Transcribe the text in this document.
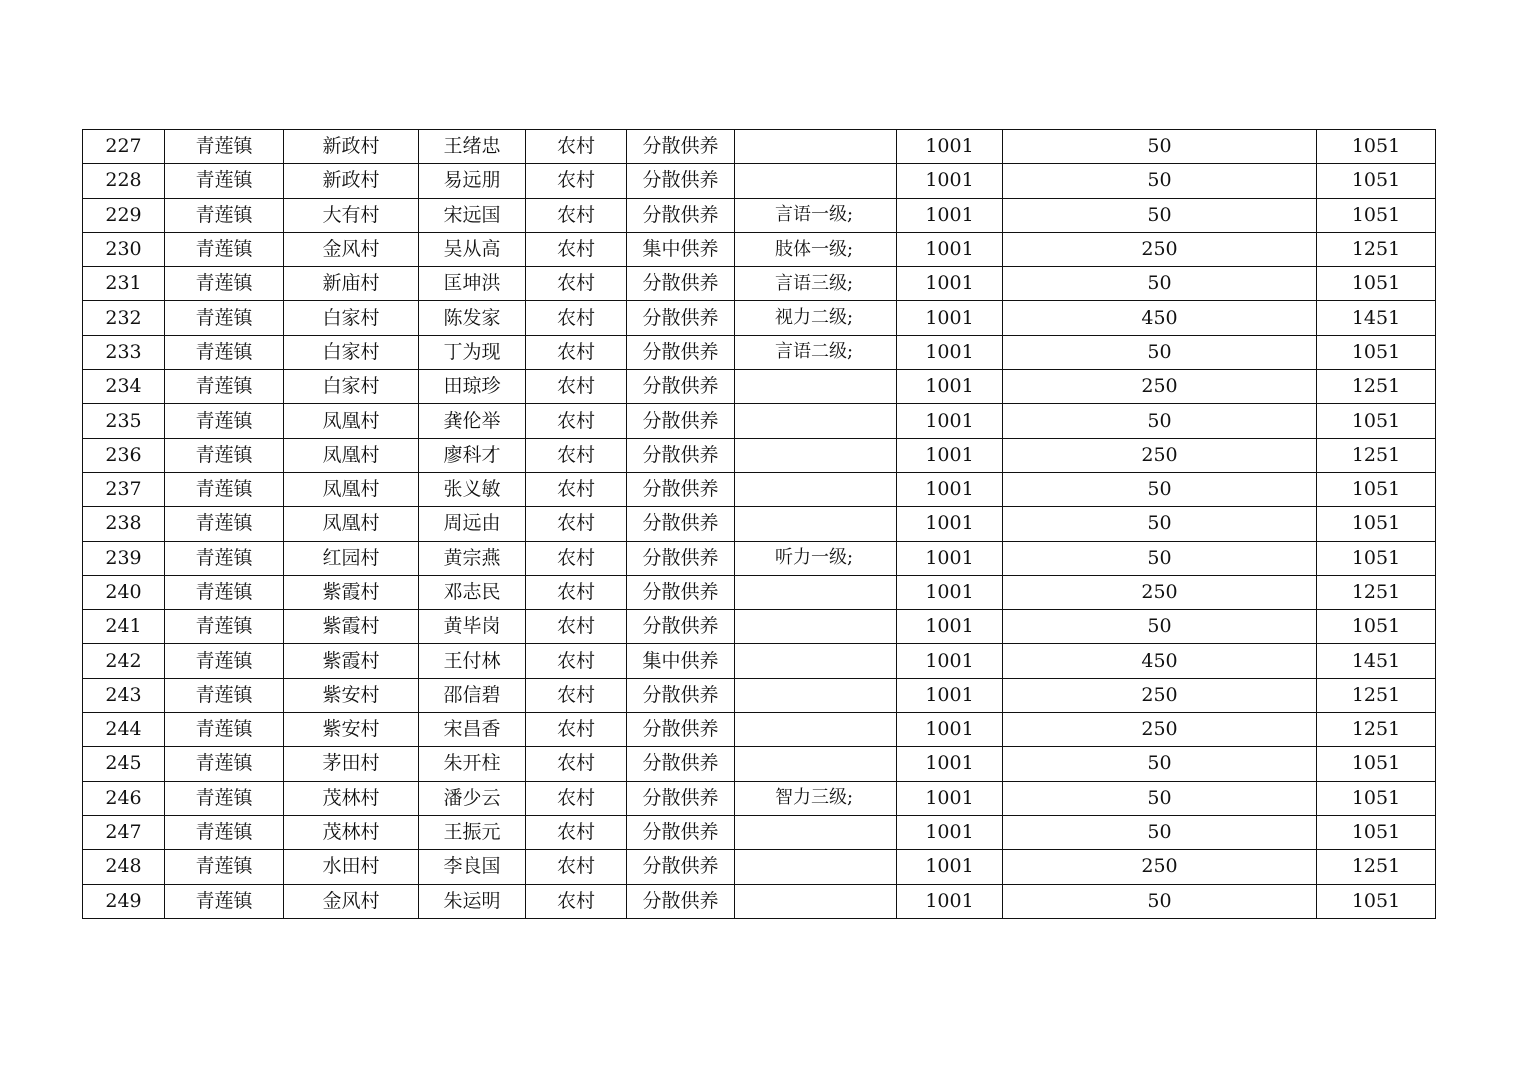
227	青莲镇	新政村	王绪忠	农村	分散供养		1001	50	1051
228	青莲镇	新政村	易远朋	农村	分散供养		1001	50	1051
229	青莲镇	大有村	宋远国	农村	分散供养	言语一级;	1001	50	1051
230	青莲镇	金风村	吴从高	农村	集中供养	肢体一级;	1001	250	1251
231	青莲镇	新庙村	匡坤洪	农村	分散供养	言语三级;	1001	50	1051
232	青莲镇	白家村	陈发家	农村	分散供养	视力二级;	1001	450	1451
233	青莲镇	白家村	丁为现	农村	分散供养	言语二级;	1001	50	1051
234	青莲镇	白家村	田琼珍	农村	分散供养		1001	250	1251
235	青莲镇	凤凰村	龚伦举	农村	分散供养		1001	50	1051
236	青莲镇	凤凰村	廖科才	农村	分散供养		1001	250	1251
237	青莲镇	凤凰村	张义敏	农村	分散供养		1001	50	1051
238	青莲镇	凤凰村	周远由	农村	分散供养		1001	50	1051
239	青莲镇	红园村	黄宗燕	农村	分散供养	听力一级;	1001	50	1051
240	青莲镇	紫霞村	邓志民	农村	分散供养		1001	250	1251
241	青莲镇	紫霞村	黄毕岗	农村	分散供养		1001	50	1051
242	青莲镇	紫霞村	王付林	农村	集中供养		1001	450	1451
243	青莲镇	紫安村	邵信碧	农村	分散供养		1001	250	1251
244	青莲镇	紫安村	宋昌香	农村	分散供养		1001	250	1251
245	青莲镇	茅田村	朱开柱	农村	分散供养		1001	50	1051
246	青莲镇	茂林村	潘少云	农村	分散供养	智力三级;	1001	50	1051
247	青莲镇	茂林村	王振元	农村	分散供养		1001	50	1051
248	青莲镇	水田村	李良国	农村	分散供养		1001	250	1251
249	青莲镇	金风村	朱运明	农村	分散供养		1001	50	1051
